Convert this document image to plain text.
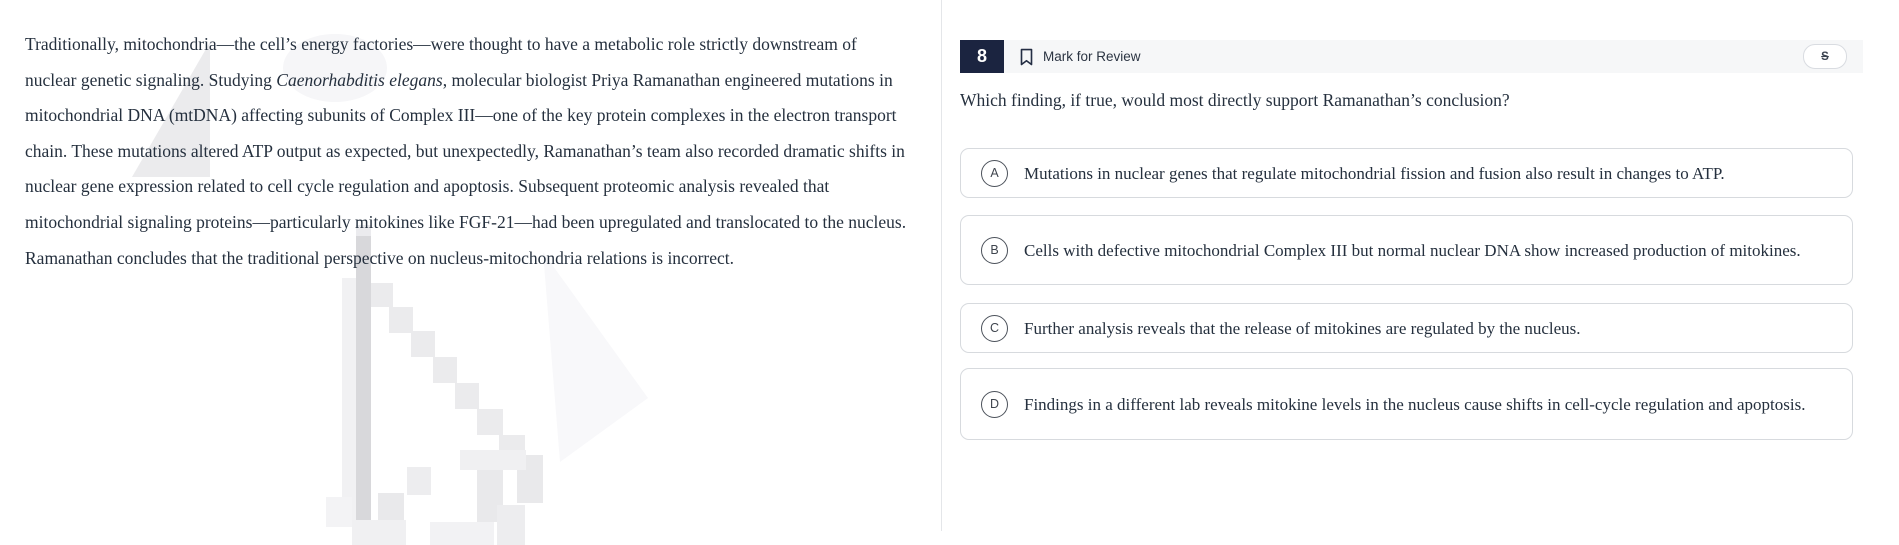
Traditionally, mitochondria—the cell’s energy factories—were thought to have a metabolic role strictly downstream of nuclear genetic signaling. Studying Caenorhabditis elegans, molecular biologist Priya Ramanathan engineered mutations in mitochondrial DNA (mtDNA) affecting subunits of Complex III—one of the key protein complexes in the electron transport chain. These mutations altered ATP output as expected, but unexpectedly, Ramanathan’s team also recorded dramatic shifts in nuclear gene expression related to cell cycle regulation and apoptosis. Subsequent proteomic analysis revealed that mitochondrial signaling proteins—particularly mitokines like FGF-21—had been upregulated and translocated to the nucleus. Ramanathan concludes that the traditional perspective on nucleus-mitochondria relations is incorrect.
8	Mark for Review	S
Which finding, if true, would most directly support Ramanathan’s conclusion?
A	Mutations in nuclear genes that regulate mitochondrial fission and fusion also result in changes to ATP.
B	Cells with defective mitochondrial Complex III but normal nuclear DNA show increased production of mitokines.
C	Further analysis reveals that the release of mitokines are regulated by the nucleus.
D	Findings in a different lab reveals mitokine levels in the nucleus cause shifts in cell-cycle regulation and apoptosis.
